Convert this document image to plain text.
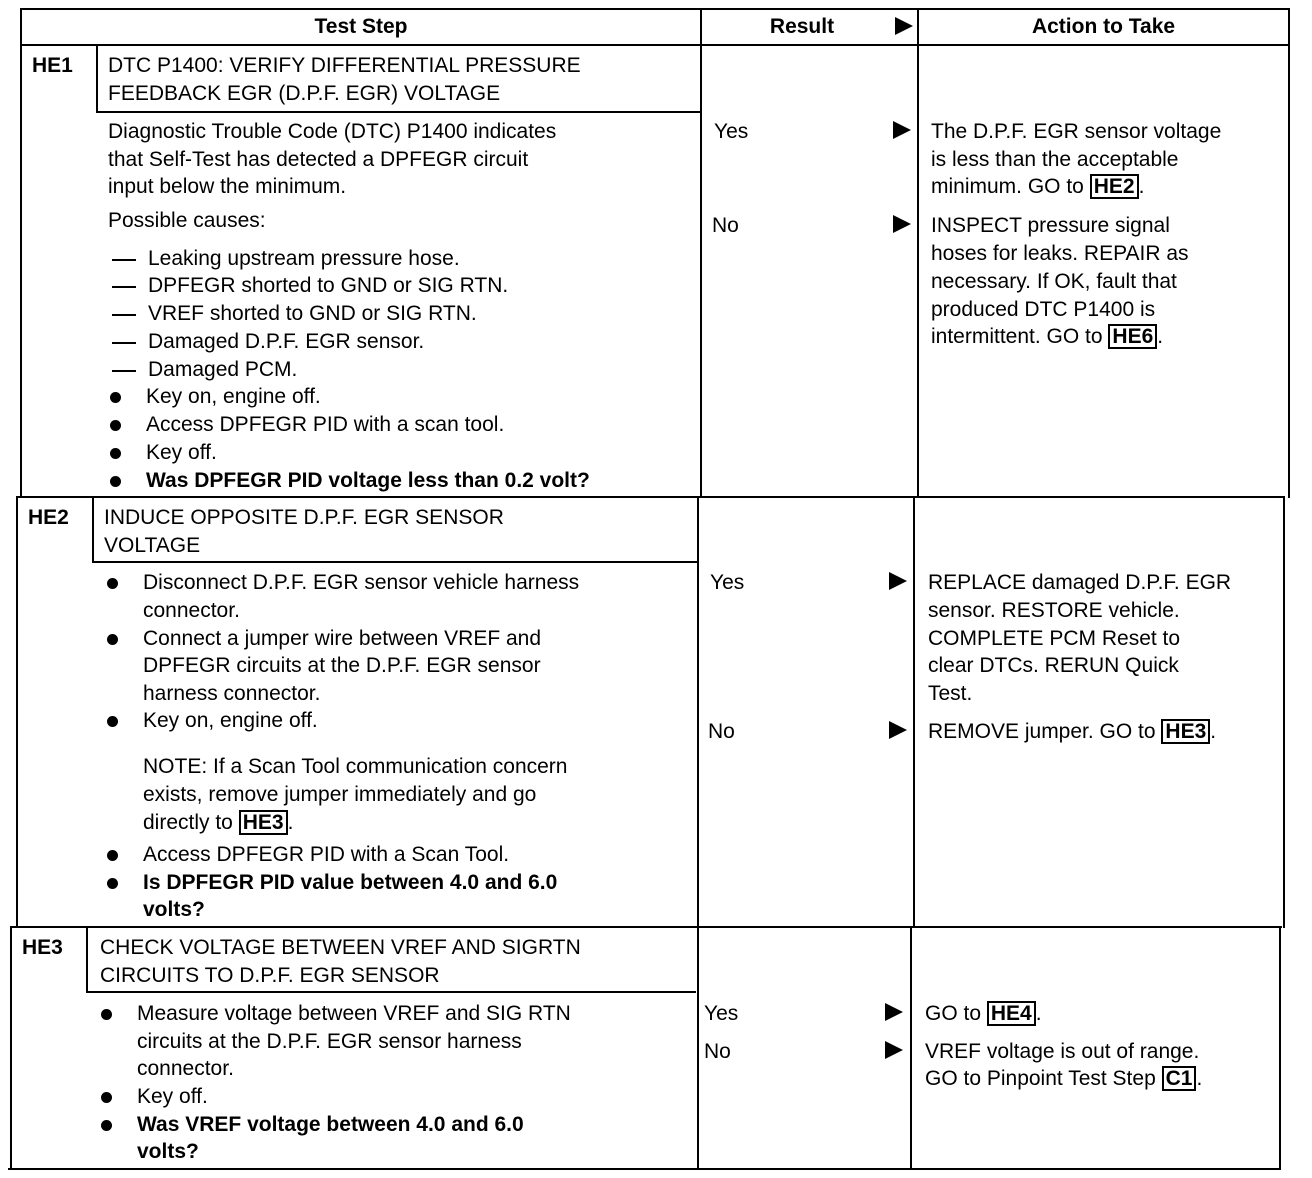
Test Step	Result	Action to Take
HE1 DTC P1400: VERIFY DIFFERENTIAL PRESSURE
FEEDBACK EGR (D.P.F. EGR) VOLTAGE
Diagnostic Trouble Code (DTC) P1400 indicates
that Self-Test has detected a DPFEGR circuit
input below the minimum.
Possible causes:
Leaking upstream pressure hose.
DPFEGR shorted to GND or SIG RTN.
VREF shorted to GND or SIG RTN.
Damaged D.P.F. EGR sensor.
Damaged PCM.
Key on, engine off.
Access DPFEGR PID with a scan tool.
Key off.
Was DPFEGR PID voltage less than 0.2 volt?
Yes
No
The D.P.F. EGR sensor voltage
is less than the acceptable
minimum. GO to HE2 .
INSPECT pressure signal
hoses for leaks. REPAIR as
necessary. If OK, fault that
produced DTC P1400 is
intermittent. GO to HE6 .
HE2 INDUCE OPPOSITE D.P.F. EGR SENSOR
VOLTAGE
Disconnect D.P.F. EGR sensor vehicle harness
connector.
Connect a jumper wire between VREF and
DPFEGR circuits at the D.P.F. EGR sensor
harness connector.
Key on, engine off.
NOTE: If a Scan Tool communication concern
exists, remove jumper immediately and go
directly to HE3 .
Access DPFEGR PID with a Scan Tool.
Is DPFEGR PID value between 4.0 and 6.0
volts?
Yes
No
REPLACE damaged D.P.F. EGR
sensor. RESTORE vehicle.
COMPLETE PCM Reset to
clear DTCs. RERUN Quick
Test.
REMOVE jumper. GO to HE3 .
HE3 CHECK VOLTAGE BETWEEN VREF AND SIGRTN
CIRCUITS TO D.P.F. EGR SENSOR
Measure voltage between VREF and SIG RTN
circuits at the D.P.F. EGR sensor harness
connector.
Key off.
Was VREF voltage between 4.0 and 6.0
volts?
Yes
No
GO to HE4 .
VREF voltage is out of range.
GO to Pinpoint Test Step C1 .
